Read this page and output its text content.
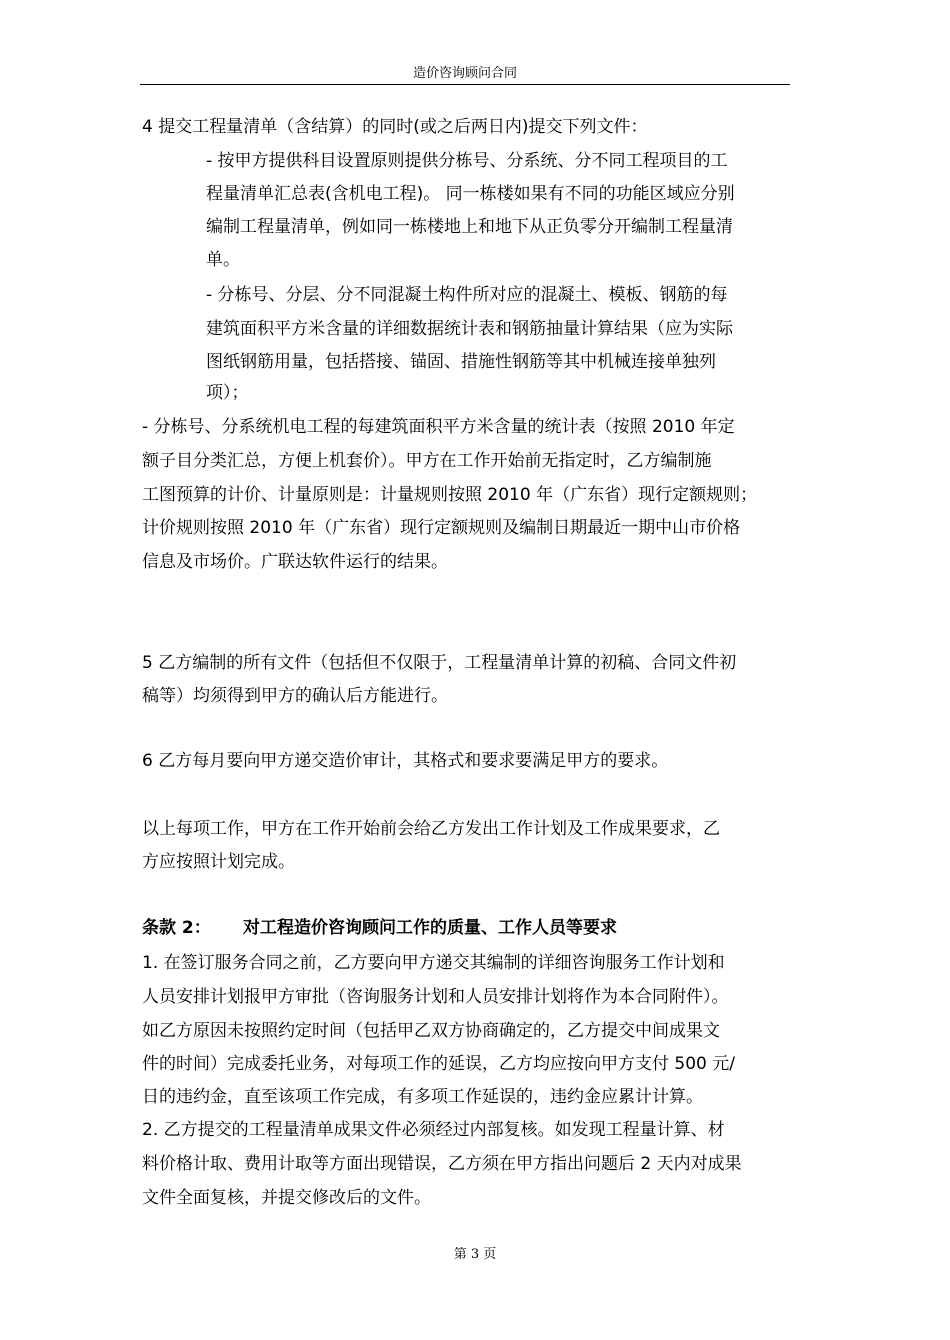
造价咨询顾问合同
4 提交工程量清单（含结算）的同时(或之后两日内)提交下列文件：
- 按甲方提供科目设置原则提供分栋号、分系统、分不同工程项目的工
程量清单汇总表(含机电工程)。 同一栋楼如果有不同的功能区域应分别
编制工程量清单，例如同一栋楼地上和地下从正负零分开编制工程量清
单。
- 分栋号、分层、分不同混凝土构件所对应的混凝土、模板、钢筋的每
建筑面积平方米含量的详细数据统计表和钢筋抽量计算结果（应为实际
图纸钢筋用量，包括搭接、锚固、措施性钢筋等其中机械连接单独列
项）；
- 分栋号、分系统机电工程的每建筑面积平方米含量的统计表（按照 2010 年定
额子目分类汇总，方便上机套价）。甲方在工作开始前无指定时，乙方编制施
工图预算的计价、计量原则是：计量规则按照 2010 年（广东省）现行定额规则；
计价规则按照 2010 年（广东省）现行定额规则及编制日期最近一期中山市价格
信息及市场价。广联达软件运行的结果。
5 乙方编制的所有文件（包括但不仅限于，工程量清单计算的初稿、合同文件初
稿等）均须得到甲方的确认后方能进行。
6 乙方每月要向甲方递交造价审计，其格式和要求要满足甲方的要求。
以上每项工作，甲方在工作开始前会给乙方发出工作计划及工作成果要求，乙
方应按照计划完成。
条款 2： 对工程造价咨询顾问工作的质量、工作人员等要求
1. 在签订服务合同之前，乙方要向甲方递交其编制的详细咨询服务工作计划和
人员安排计划报甲方审批（咨询服务计划和人员安排计划将作为本合同附件）。
如乙方原因未按照约定时间（包括甲乙双方协商确定的，乙方提交中间成果文
件的时间）完成委托业务，对每项工作的延误，乙方均应按向甲方支付 500 元/
日的违约金，直至该项工作完成，有多项工作延误的，违约金应累计计算。
2. 乙方提交的工程量清单成果文件必须经过内部复核。如发现工程量计算、材
料价格计取、费用计取等方面出现错误，乙方须在甲方指出问题后 2 天内对成果
文件全面复核，并提交修改后的文件。
第 3 页
